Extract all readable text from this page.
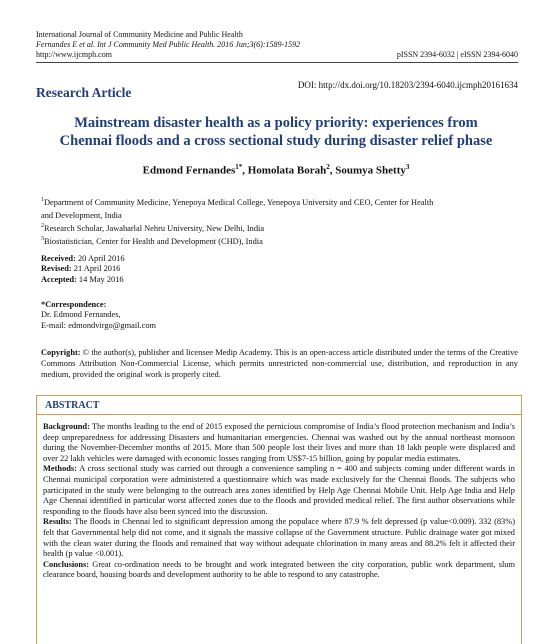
International Journal of Community Medicine and Public Health
Fernandes E et al. Int J Community Med Public Health. 2016 Jun;3(6):1589-1592
http://www.ijcmph.com	pISSN 2394-6032 | eISSN 2394-6040
DOI: http://dx.doi.org/10.18203/2394-6040.ijcmph20161634
Research Article
Mainstream disaster health as a policy priority: experiences from
Chennai floods and a cross sectional study during disaster relief phase
Edmond Fernandes$^{1*}$, Homolata Borah$^2$, Soumya Shetty$^3$
$^1$Department of Community Medicine, Yenepoya Medical College, Yenepoya University and CEO, Center for Health
and Development, India
$^2$Research Scholar, Jawaharlal Nehru University, New Delhi, India
$^3$Biostatistician, Center for Health and Development (CHD), India
Received: 20 April 2016
Revised: 21 April 2016
Accepted: 14 May 2016
*Correspondence:
Dr. Edmond Fernandes,
E-mail: edmondvirgo@gmail.com
Copyright: © the author(s), publisher and licensee Medip Academy. This is an open-access article distributed under the terms of the Creative Commons Attribution Non-Commercial License, which permits unrestricted non-commercial use, distribution, and reproduction in any medium, provided the original work is properly cited.
ABSTRACT

Background: The months leading to the end of 2015 exposed the pernicious compromise of India’s flood protection mechanism and India’s deep unpreparedness for addressing Disasters and humanitarian emergencies. Chennai was washed out by the annual northeast monsoon during the November-December months of 2015. More than 500 people lost their lives and more than 18 lakh people were displaced and over 22 lakh vehicles were damaged with economic losses ranging from US$7-15 billion, going by popular media estimates.

Methods: A cross sectional study was carried out through a convenience sampling n = 400 and subjects coming under different wards in Chennai municipal corporation were administered a questionnaire which was made exclusively for the Chennai floods. The subjects who participated in the study were belonging to the outreach area zones identified by Help Age Chennai Mobile Unit. Help Age India and Help Age Chennai identified in particular worst affected zones due to the floods and provided medical relief. The first author observations while responding to the floods have also been synced into the discussion.

Results: The floods in Chennai led to significant depression among the populace where 87.9 % felt depressed (p value<0.009). 332 (83%) felt that Governmental help did not come, and it signals the massive collapse of the Government structure. Public drainage water got mixed with the clean water during the floods and remained that way without adequate chlorination in many areas and 88.2% felt it affected their health (p value <0.001).

Conclusions: Great co-ordination needs to be brought and work integrated between the city corporation, public work department, slum clearance board, housing boards and development authority to be able to respond to any catastrophe.
